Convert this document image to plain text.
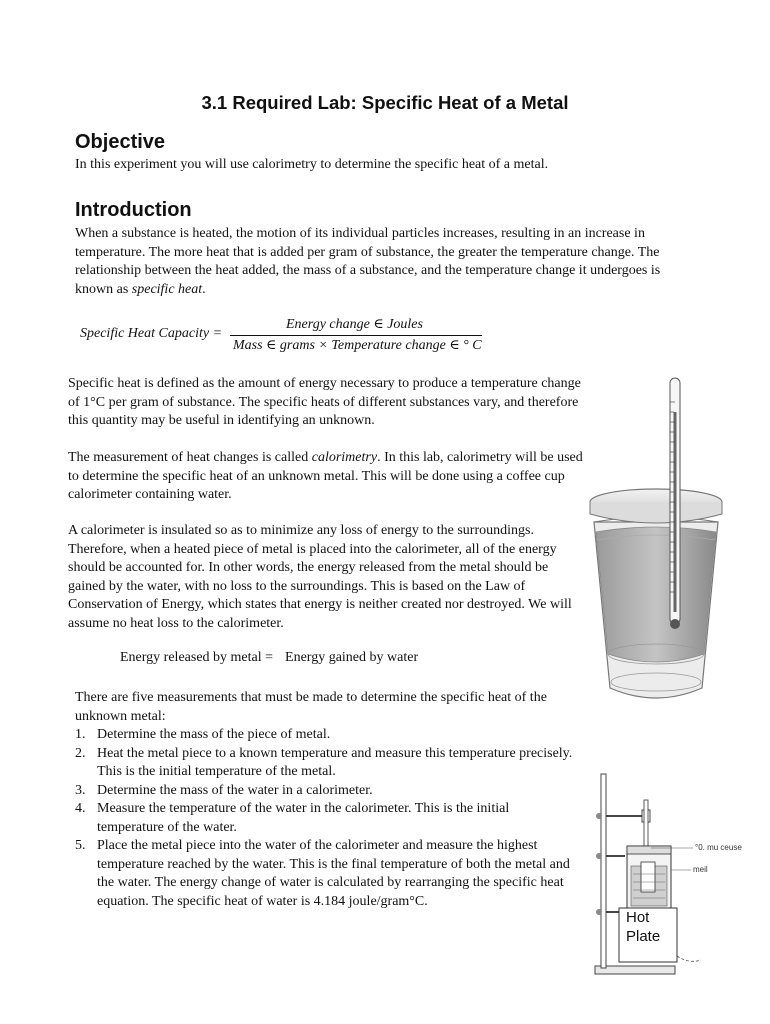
3.1 Required Lab: Specific Heat of a Metal
Objective
In this experiment you will use calorimetry to determine the specific heat of a metal.
Introduction
When a substance is heated, the motion of its individual particles increases, resulting in an increase in temperature. The more heat that is added per gram of substance, the greater the temperature change. The relationship between the heat added, the mass of a substance, and the temperature change it undergoes is known as specific heat.
Specific Heat Capacity =
Energy change ∈ Joules
Mass ∈ grams × Temperature change ∈ ° C
Specific heat is defined as the amount of energy necessary to produce a temperature change of 1°C per gram of substance. The specific heats of different substances vary, and therefore this quantity may be useful in identifying an unknown.
The measurement of heat changes is called calorimetry. In this lab, calorimetry will be used to determine the specific heat of an unknown metal. This will be done using a coffee cup calorimeter containing water.
A calorimeter is insulated so as to minimize any loss of energy to the surroundings. Therefore, when a heated piece of metal is placed into the calorimeter, all of the energy should be accounted for. In other words, the energy released from the metal should be gained by the water, with no loss to the surroundings. This is based on the Law of Conservation of Energy, which states that energy is neither created nor destroyed. We will assume no heat loss to the calorimeter.
Energy released by metal = Energy gained by water
There are five measurements that must be made to determine the specific heat of the unknown metal:
1. Determine the mass of the piece of metal.
2. Heat the metal piece to a known temperature and measure this temperature precisely. This is the initial temperature of the metal.
3. Determine the mass of the water in a calorimeter.
4. Measure the temperature of the water in the calorimeter. This is the initial temperature of the water.
5. Place the metal piece into the water of the calorimeter and measure the highest temperature reached by the water. This is the final temperature of both the metal and the water. The energy change of water is calculated by rearranging the specific heat equation. The specific heat of water is 4.184 joule/gram°C.
°0. mu ceuse
meil
Hot
Plate
